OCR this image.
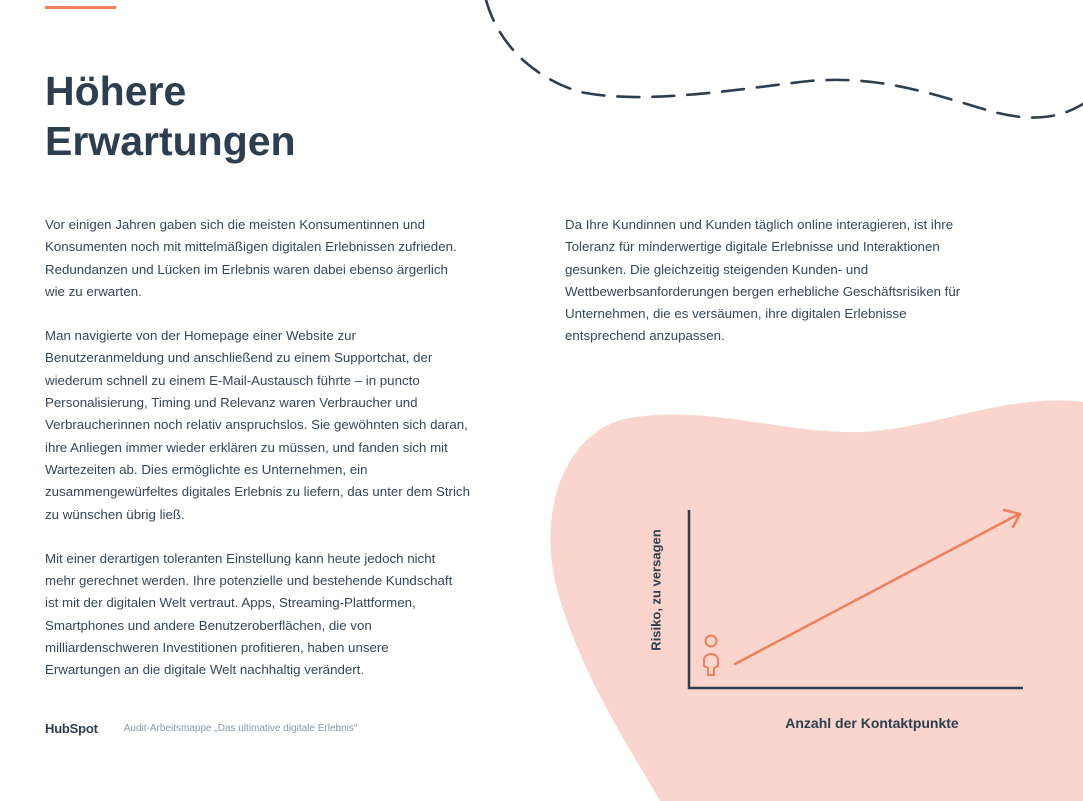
Höhere
Erwartungen

Vor einigen Jahren gaben sich die meisten Konsumentinnen und
Konsumenten noch mit mittelmäßigen digitalen Erlebnissen zufrieden.
Redundanzen und Lücken im Erlebnis waren dabei ebenso ärgerlich
wie zu erwarten.

Man navigierte von der Homepage einer Website zur
Benutzeranmeldung und anschließend zu einem Supportchat, der
wiederum schnell zu einem E-Mail-Austausch führte – in puncto
Personalisierung, Timing und Relevanz waren Verbraucher und
Verbraucherinnen noch relativ anspruchslos. Sie gewöhnten sich daran,
ihre Anliegen immer wieder erklären zu müssen, und fanden sich mit
Wartezeiten ab. Dies ermöglichte es Unternehmen, ein
zusammengewürfeltes digitales Erlebnis zu liefern, das unter dem Strich
zu wünschen übrig ließ.

Mit einer derartigen toleranten Einstellung kann heute jedoch nicht
mehr gerechnet werden. Ihre potenzielle und bestehende Kundschaft
ist mit der digitalen Welt vertraut. Apps, Streaming-Plattformen,
Smartphones und andere Benutzeroberflächen, die von
milliardenschweren Investitionen profitieren, haben unsere
Erwartungen an die digitale Welt nachhaltig verändert.

Da Ihre Kundinnen und Kunden täglich online interagieren, ist ihre
Toleranz für minderwertige digitale Erlebnisse und Interaktionen
gesunken. Die gleichzeitig steigenden Kunden- und
Wettbewerbsanforderungen bergen erhebliche Geschäftsrisiken für
Unternehmen, die es versäumen, ihre digitalen Erlebnisse
entsprechend anzupassen.

Risiko, zu versagen
Anzahl der Kontaktpunkte
HubSpot	Audit-Arbeitsmappe „Das ultimative digitale Erlebnis“
